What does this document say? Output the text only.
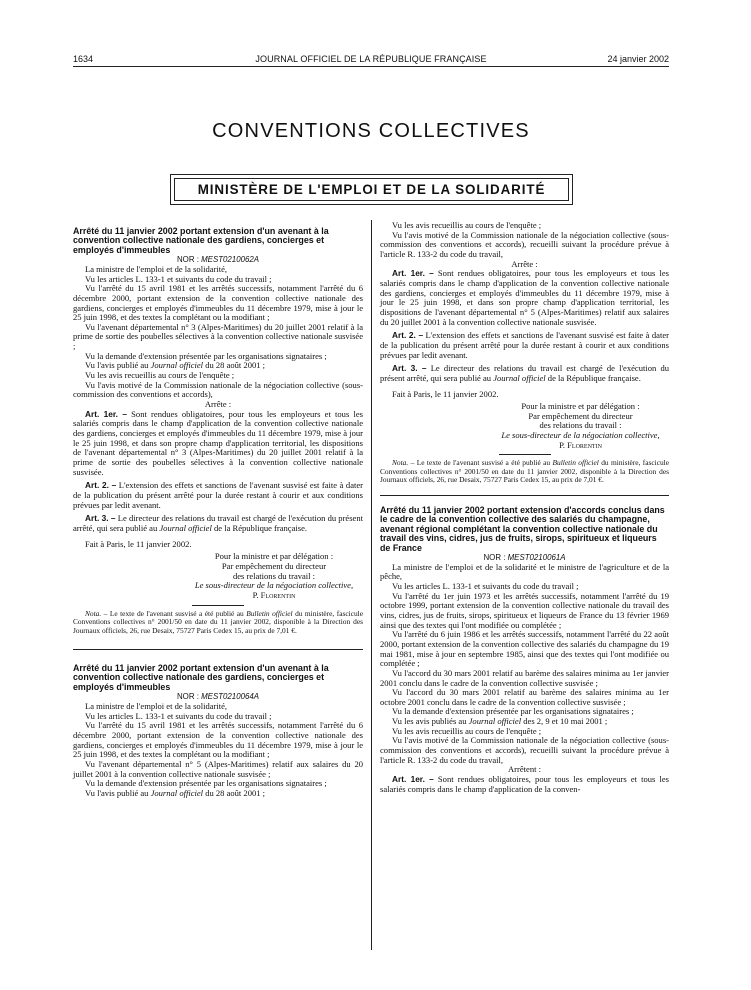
1634	JOURNAL OFFICIEL DE LA RÉPUBLIQUE FRANÇAISE	24 janvier 2002
CONVENTIONS COLLECTIVES
MINISTÈRE DE L'EMPLOI ET DE LA SOLIDARITÉ

Arrêté du 11 janvier 2002 portant extension d'un avenant à la convention collective nationale des gardiens, concierges et employés d'immeubles

NOR : MEST0210062A

La ministre de l'emploi et de la solidarité,

Vu les articles L. 133-1 et suivants du code du travail ;

Vu l'arrêté du 15 avril 1981 et les arrêtés successifs, notamment l'arrêté du 6 décembre 2000, portant extension de la convention collective nationale des gardiens, concierges et employés d'immeubles du 11 décembre 1979, mise à jour le 25 juin 1998, et des textes la complétant ou la modifiant ;

Vu l'avenant départemental n° 3 (Alpes-Maritimes) du 20 juillet 2001 relatif à la prime de sortie des poubelles sélectives à la convention collective nationale susvisée ;

Vu la demande d'extension présentée par les organisations signataires ;

Vu l'avis publié au Journal officiel du 28 août 2001 ;

Vu les avis recueillis au cours de l'enquête ;

Vu l'avis motivé de la Commission nationale de la négociation collective (sous-commission des conventions et accords),

Arrête :

Art. 1er. – Sont rendues obligatoires, pour tous les employeurs et tous les salariés compris dans le champ d'application de la convention collective nationale des gardiens, concierges et employés d'immeubles du 11 décembre 1979, mise à jour le 25 juin 1998, et dans son propre champ d'application territorial, les dispositions de l'avenant départemental n° 3 (Alpes-Maritimes) du 20 juillet 2001 relatif à la prime de sortie des poubelles sélectives à la convention collective nationale susvisée.

Art. 2. – L'extension des effets et sanctions de l'avenant susvisé est faite à dater de la publication du présent arrêté pour la durée restant à courir et aux conditions prévues par ledit avenant.

Art. 3. – Le directeur des relations du travail est chargé de l'exécution du présent arrêté, qui sera publié au Journal officiel de la République française.

Fait à Paris, le 11 janvier 2002.

Pour la ministre et par délégation :
Par empêchement du directeur
des relations du travail :
Le sous-directeur de la négociation collective,
P. Florentin

Nota. – Le texte de l'avenant susvisé a été publié au Bulletin officiel du ministère, fascicule Conventions collectives n° 2001/50 en date du 11 janvier 2002, disponible à la Direction des Journaux officiels, 26, rue Desaix, 75727 Paris Cedex 15, au prix de 7,01 €.

Arrêté du 11 janvier 2002 portant extension d'un avenant à la convention collective nationale des gardiens, concierges et employés d'immeubles

NOR : MEST0210064A

La ministre de l'emploi et de la solidarité,

Vu les articles L. 133-1 et suivants du code du travail ;

Vu l'arrêté du 15 avril 1981 et les arrêtés successifs, notamment l'arrêté du 6 décembre 2000, portant extension de la convention collective nationale des gardiens, concierges et employés d'immeubles du 11 décembre 1979, mise à jour le 25 juin 1998, et des textes la complétant ou la modifiant ;

Vu l'avenant départemental n° 5 (Alpes-Maritimes) relatif aux salaires du 20 juillet 2001 à la convention collective nationale susvisée ;

Vu la demande d'extension présentée par les organisations signataires ;

Vu l'avis publié au Journal officiel du 28 août 2001 ;

Vu les avis recueillis au cours de l'enquête ;

Vu l'avis motivé de la Commission nationale de la négociation collective (sous-commission des conventions et accords), recueilli suivant la procédure prévue à l'article R. 133-2 du code du travail,

Arrête :

Art. 1er. – Sont rendues obligatoires, pour tous les employeurs et tous les salariés compris dans le champ d'application de la convention collective nationale des gardiens, concierges et employés d'immeubles du 11 décembre 1979, mise à jour le 25 juin 1998, et dans son propre champ d'application territorial, les dispositions de l'avenant départemental n° 5 (Alpes-Maritimes) relatif aux salaires du 20 juillet 2001 à la convention collective nationale susvisée.

Art. 2. – L'extension des effets et sanctions de l'avenant susvisé est faite à dater de la publication du présent arrêté pour la durée restant à courir et aux conditions prévues par ledit avenant.

Art. 3. – Le directeur des relations du travail est chargé de l'exécution du présent arrêté, qui sera publié au Journal officiel de la République française.

Fait à Paris, le 11 janvier 2002.

Pour la ministre et par délégation :
Par empêchement du directeur
des relations du travail :
Le sous-directeur de la négociation collective,
P. Florentin

Nota. – Le texte de l'avenant susvisé a été publié au Bulletin officiel du ministère, fascicule Conventions collectives n° 2001/50 en date du 11 janvier 2002, disponible à la Direction des Journaux officiels, 26, rue Desaix, 75727 Paris Cedex 15, au prix de 7,01 €.

Arrêté du 11 janvier 2002 portant extension d'accords conclus dans le cadre de la convention collective des salariés du champagne, avenant régional complétant la convention collective nationale du travail des vins, cidres, jus de fruits, sirops, spiritueux et liqueurs de France

NOR : MEST0210061A

La ministre de l'emploi et de la solidarité et le ministre de l'agriculture et de la pêche,

Vu les articles L. 133-1 et suivants du code du travail ;

Vu l'arrêté du 1er juin 1973 et les arrêtés successifs, notamment l'arrêté du 19 octobre 1999, portant extension de la convention collective nationale du travail des vins, cidres, jus de fruits, sirops, spiritueux et liqueurs de France du 13 février 1969 ainsi que des textes qui l'ont modifiée ou complétée ;

Vu l'arrêté du 6 juin 1986 et les arrêtés successifs, notamment l'arrêté du 22 août 2000, portant extension de la convention collective des salariés du champagne du 19 mai 1981, mise à jour en septembre 1985, ainsi que des textes qui l'ont modifiée ou complétée ;

Vu l'accord du 30 mars 2001 relatif au barème des salaires minima au 1er janvier 2001 conclu dans le cadre de la convention collective susvisée ;

Vu l'accord du 30 mars 2001 relatif au barème des salaires minima au 1er octobre 2001 conclu dans le cadre de la convention collective susvisée ;

Vu la demande d'extension présentée par les organisations signataires ;

Vu les avis publiés au Journal officiel des 2, 9 et 10 mai 2001 ;

Vu les avis recueillis au cours de l'enquête ;

Vu l'avis motivé de la Commission nationale de la négociation collective (sous-commission des conventions et accords), recueilli suivant la procédure prévue à l'article R. 133-2 du code du travail,

Arrêtent :

Art. 1er. – Sont rendues obligatoires, pour tous les employeurs et tous les salariés compris dans le champ d'application de la conven-
